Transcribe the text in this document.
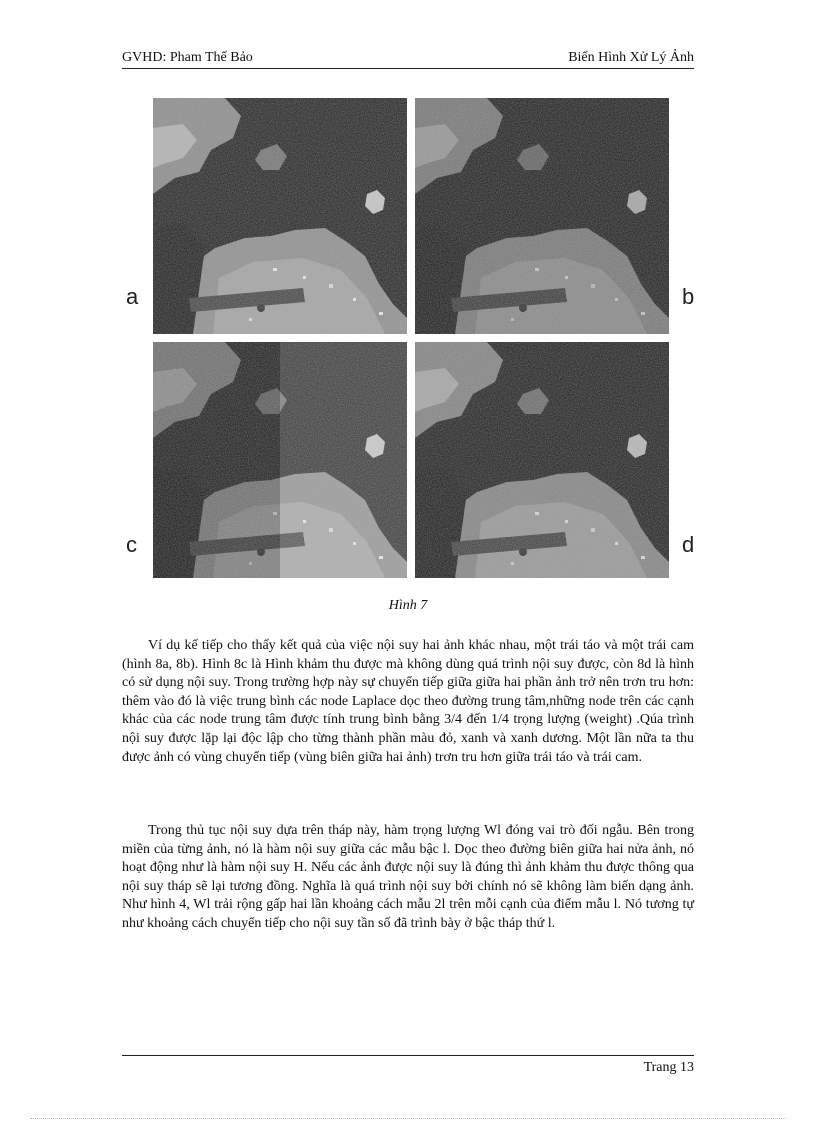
GVHD: Pham Thế Bảo	Biến Hình Xử Lý Ảnh
a	b
c	d
Hình 7

Ví dụ kế tiếp cho thấy kết quả của việc nội suy hai ảnh khác nhau, một trái táo và một trái cam (hình 8a, 8b). Hình 8c là Hình khảm thu được mà không dùng quá trình nội suy được, còn 8d là hình có sử dụng nội suy. Trong trường hợp này sự chuyển tiếp giữa giữa hai phần ảnh trở nên trơn tru hơn: thêm vào đó là việc trung bình các node Laplace dọc theo đường trung tâm,những node trên các cạnh khác của các node trung tâm được tính trung bình bằng 3/4 đến 1/4 trọng lượng (weight) .Qúa trình nội suy được lặp lại độc lập cho từng thành phần màu đỏ, xanh và xanh dương. Một lần nữa ta thu được ảnh có vùng chuyển tiếp (vùng biên giữa hai ảnh) trơn tru hơn giữa trái táo và trái cam.

Trong thủ tục nội suy dựa trên tháp này, hàm trọng lượng Wl đóng vai trò đối ngẫu. Bên trong miền của từng ảnh, nó là hàm nội suy giữa các mẫu bậc l. Dọc theo đường biên giữa hai nửa ảnh, nó hoạt động như là hàm nội suy H. Nếu các ảnh được nội suy là đúng thì ảnh khảm thu được thông qua nội suy tháp sẽ lại tương đồng. Nghĩa là quá trình nội suy bởi chính nó sẽ không làm biến dạng ảnh. Như hình 4, Wl trải rộng gấp hai lần khoảng cách mẫu 2l trên mỗi cạnh của điểm mẫu l. Nó tương tự như khoảng cách chuyển tiếp cho nội suy tần số đã trình bày ở bậc tháp thứ l.

Trang 13
